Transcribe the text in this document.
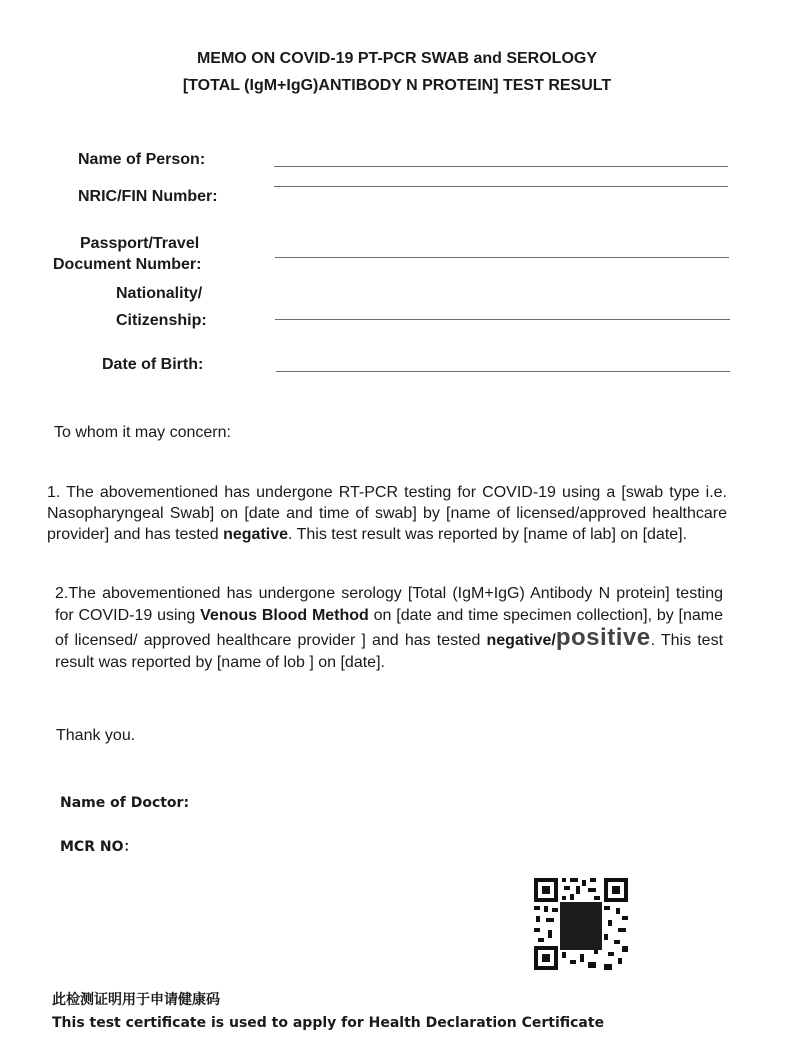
MEMO ON COVID-19 PT-PCR SWAB and SEROLOGY
[TOTAL (IgM+IgG)ANTIBODY N PROTEIN] TEST RESULT
Name of Person:
NRIC/FIN Number:
Passport/Travel
Document Number:
Nationality/
Citizenship:
Date of Birth:
To whom it may concern:
1. The abovementioned has undergone RT-PCR testing for COVID-19 using a [swab type i.e. Nasopharyngeal Swab] on [date and time of swab] by [name of licensed/approved healthcare provider] and has tested negative. This test result was reported by [name of lab] on [date].
2.The abovementioned has undergone serology [Total (IgM+IgG) Antibody N protein] testing for COVID-19 using Venous Blood Method on [date and time specimen collection], by [name of licensed/ approved healthcare provider ] and has tested negative/positive. This test result was reported by [name of lob ] on [date].
Thank you.
Name of Doctor:
MCR NO：
此检测证明用于申请健康码
This test certificate is used to apply for Health Declaration Certificate
